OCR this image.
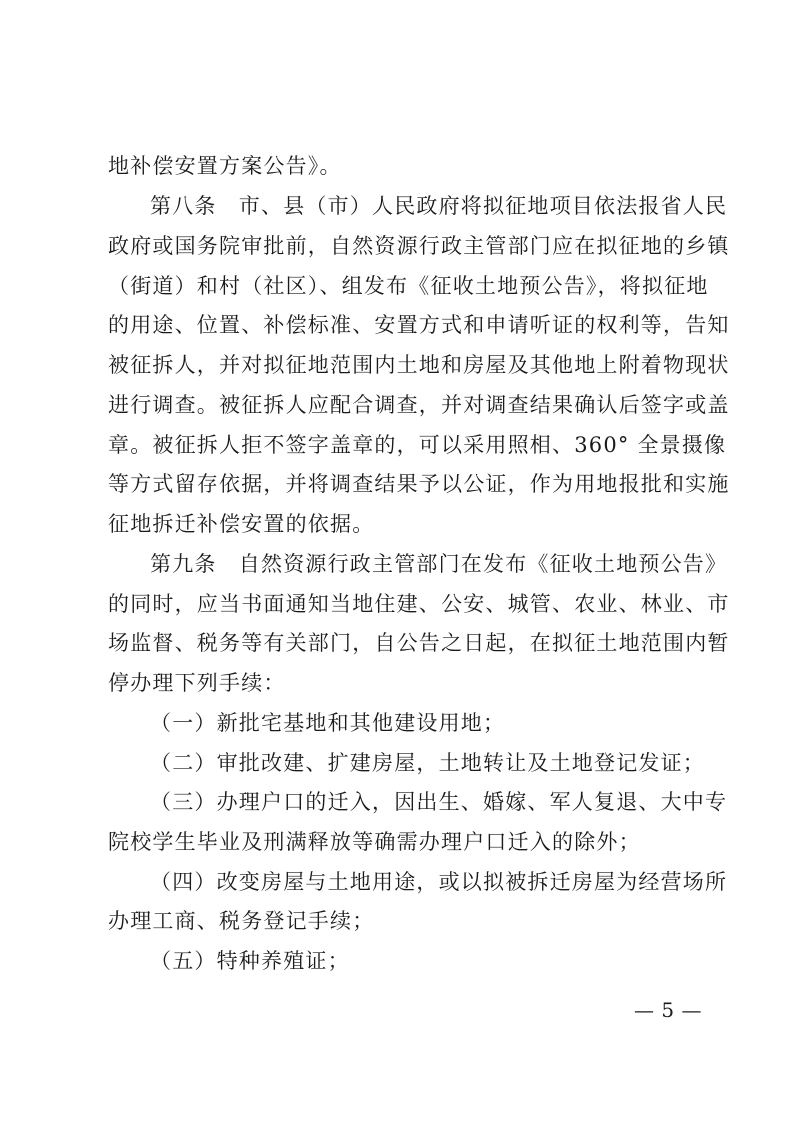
地补偿安置方案公告》。
第八条　市、县（市）人民政府将拟征地项目依法报省人民
政府或国务院审批前，自然资源行政主管部门应在拟征地的乡镇
（街道）和村（社区）、组发布《征收土地预公告》，将拟征地
的用途、位置、补偿标准、安置方式和申请听证的权利等，告知
被征拆人，并对拟征地范围内土地和房屋及其他地上附着物现状
进行调查。被征拆人应配合调查，并对调查结果确认后签字或盖
章。被征拆人拒不签字盖章的，可以采用照相、360° 全景摄像
等方式留存依据，并将调查结果予以公证，作为用地报批和实施
征地拆迁补偿安置的依据。
第九条　自然资源行政主管部门在发布《征收土地预公告》
的同时，应当书面通知当地住建、公安、城管、农业、林业、市
场监督、税务等有关部门，自公告之日起，在拟征土地范围内暂
停办理下列手续：
（一）新批宅基地和其他建设用地；
（二）审批改建、扩建房屋，土地转让及土地登记发证；
（三）办理户口的迁入，因出生、婚嫁、军人复退、大中专
院校学生毕业及刑满释放等确需办理户口迁入的除外；
（四）改变房屋与土地用途，或以拟被拆迁房屋为经营场所
办理工商、税务登记手续；
（五）特种养殖证；
— 5 —
